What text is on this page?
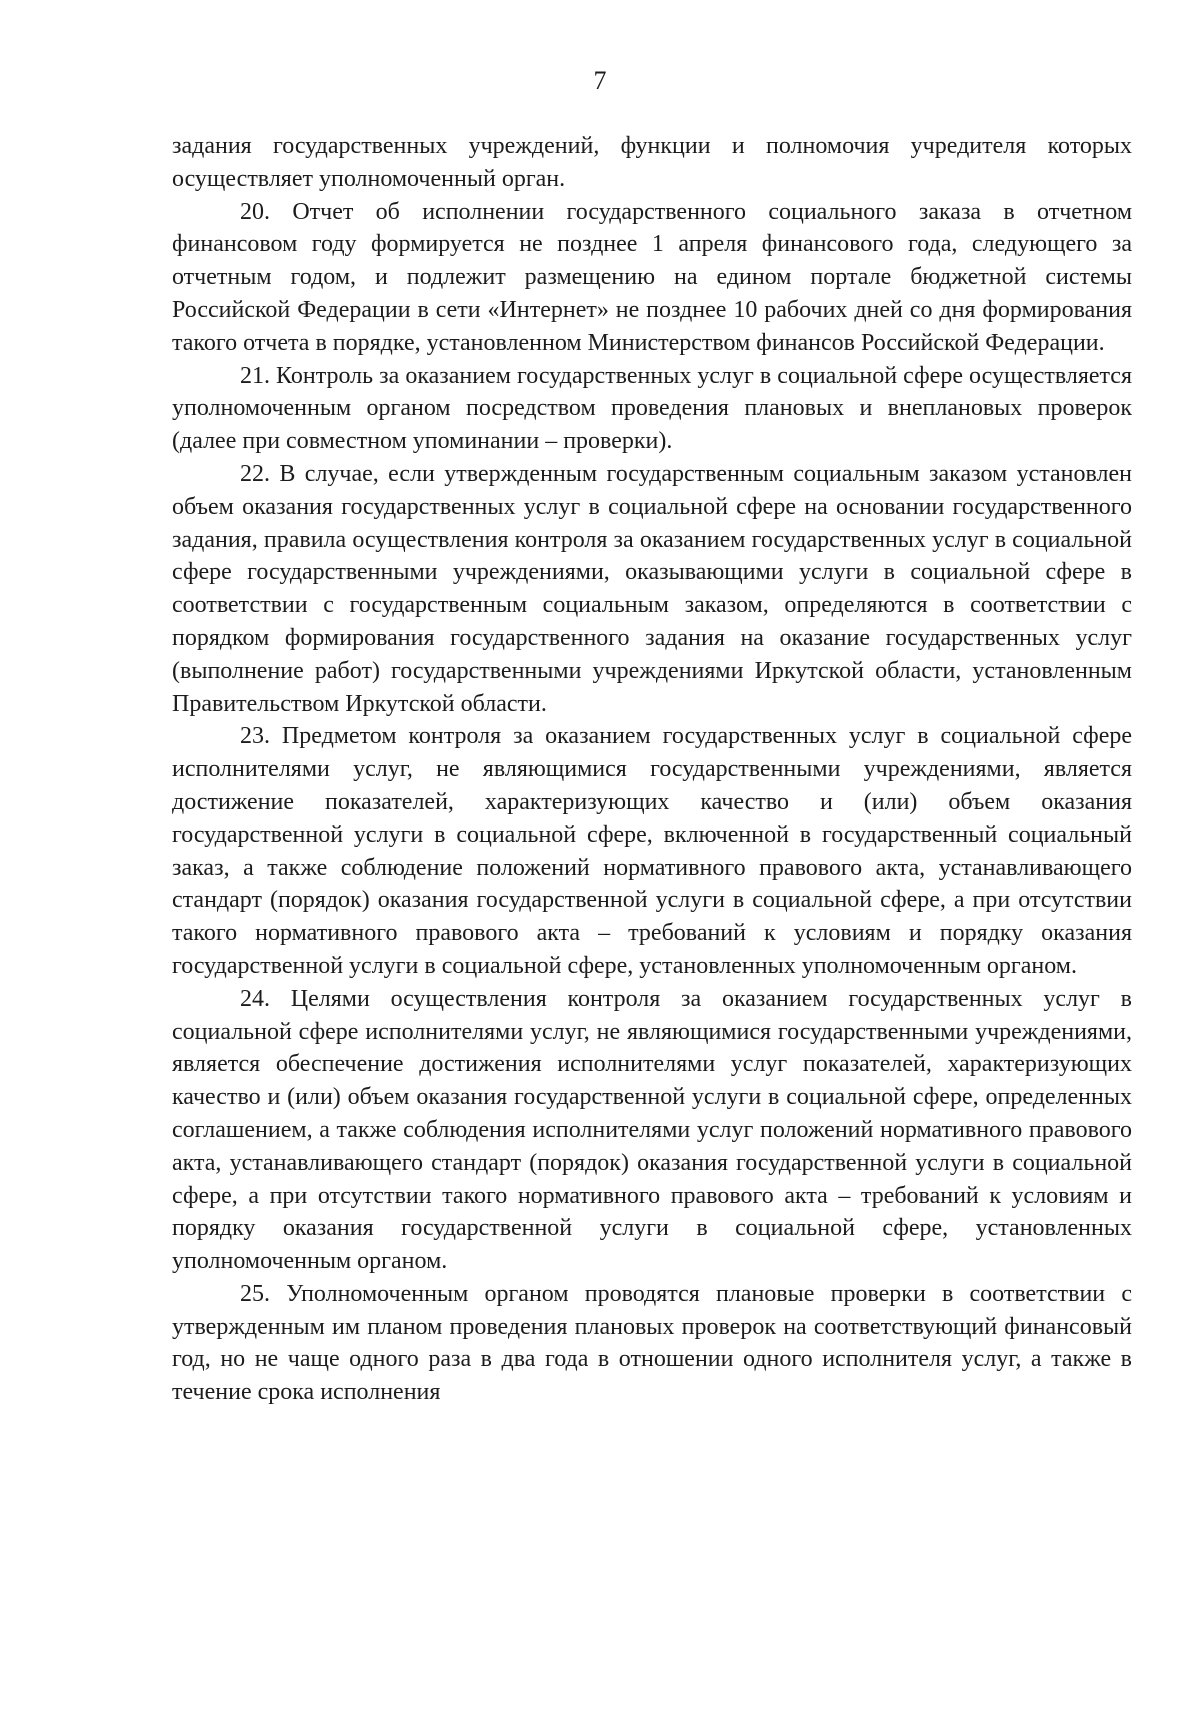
7

задания государственных учреждений, функции и полномочия учредителя которых осуществляет уполномоченный орган.

20. Отчет об исполнении государственного социального заказа в отчетном финансовом году формируется не позднее 1 апреля финансового года, следующего за отчетным годом, и подлежит размещению на едином портале бюджетной системы Российской Федерации в сети «Интернет» не позднее 10 рабочих дней со дня формирования такого отчета в порядке, установленном Министерством финансов Российской Федерации.

21. Контроль за оказанием государственных услуг в социальной сфере осуществляется уполномоченным органом посредством проведения плановых и внеплановых проверок (далее при совместном упоминании – проверки).

22. В случае, если утвержденным государственным социальным заказом установлен объем оказания государственных услуг в социальной сфере на основании государственного задания, правила осуществления контроля за оказанием государственных услуг в социальной сфере государственными учреждениями, оказывающими услуги в социальной сфере в соответствии с государственным социальным заказом, определяются в соответствии с порядком формирования государственного задания на оказание государственных услуг (выполнение работ) государственными учреждениями Иркутской области, установленным Правительством Иркутской области.

23. Предметом контроля за оказанием государственных услуг в социальной сфере исполнителями услуг, не являющимися государственными учреждениями, является достижение показателей, характеризующих качество и (или) объем оказания государственной услуги в социальной сфере, включенной в государственный социальный заказ, а также соблюдение положений нормативного правового акта, устанавливающего стандарт (порядок) оказания государственной услуги в социальной сфере, а при отсутствии такого нормативного правового акта – требований к условиям и порядку оказания государственной услуги в социальной сфере, установленных уполномоченным органом.

24. Целями осуществления контроля за оказанием государственных услуг в социальной сфере исполнителями услуг, не являющимися государственными учреждениями, является обеспечение достижения исполнителями услуг показателей, характеризующих качество и (или) объем оказания государственной услуги в социальной сфере, определенных соглашением, а также соблюдения исполнителями услуг положений нормативного правового акта, устанавливающего стандарт (порядок) оказания государственной услуги в социальной сфере, а при отсутствии такого нормативного правового акта – требований к условиям и порядку оказания государственной услуги в социальной сфере, установленных уполномоченным органом.

25. Уполномоченным органом проводятся плановые проверки в соответствии с утвержденным им планом проведения плановых проверок на соответствующий финансовый год, но не чаще одного раза в два года в отношении одного исполнителя услуг, а также в течение срока исполнения
